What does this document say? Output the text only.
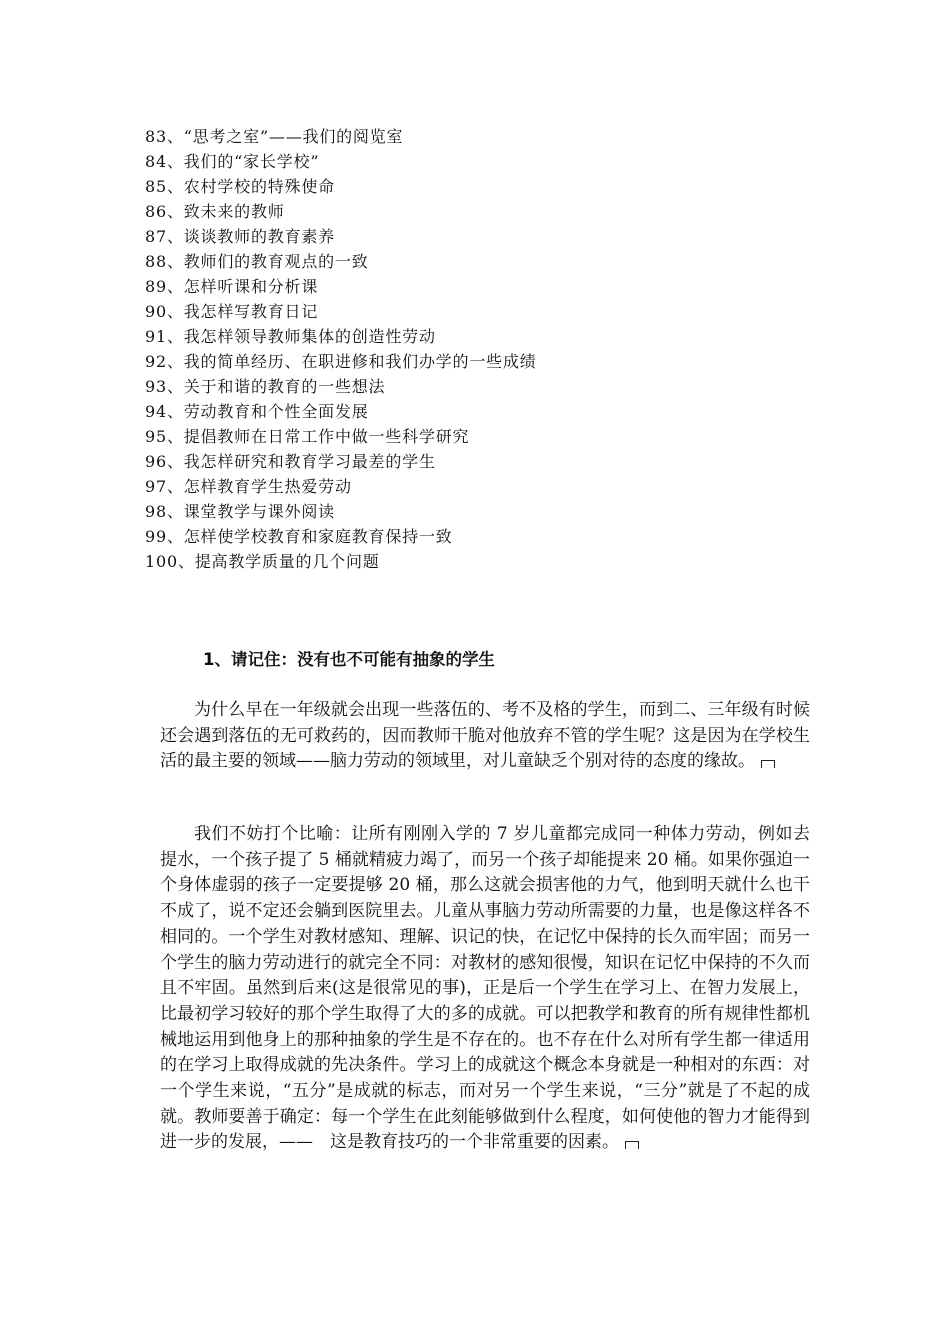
83、“思考之室”——我们的阅览室
84、我们的“家长学校”
85、农村学校的特殊使命
86、致未来的教师
87、谈谈教师的教育素养
88、教师们的教育观点的一致
89、怎样听课和分析课
90、我怎样写教育日记
91、我怎样领导教师集体的创造性劳动
92、我的简单经历、在职进修和我们办学的一些成绩
93、关于和谐的教育的一些想法
94、劳动教育和个性全面发展
95、提倡教师在日常工作中做一些科学研究
96、我怎样研究和教育学习最差的学生
97、怎样教育学生热爱劳动
98、课堂教学与课外阅读
99、怎样使学校教育和家庭教育保持一致
100、提高教学质量的几个问题
1、请记住：没有也不可能有抽象的学生

为什么早在一年级就会出现一些落伍的、考不及格的学生，而到二、三年级有时候还会遇到落伍的无可救药的，因而教师干脆对他放弃不管的学生呢？这是因为在学校生活的最主要的领域——脑力劳动的领域里，对儿童缺乏个别对待的态度的缘故。

我们不妨打个比喻：让所有刚刚入学的 7 岁儿童都完成同一种体力劳动，例如去提水，一个孩子提了 5 桶就精疲力竭了，而另一个孩子却能提来 20 桶。如果你强迫一个身体虚弱的孩子一定要提够 20 桶，那么这就会损害他的力气，他到明天就什么也干不成了，说不定还会躺到医院里去。儿童从事脑力劳动所需要的力量，也是像这样各不相同的。一个学生对教材感知、理解、识记的快，在记忆中保持的长久而牢固；而另一个学生的脑力劳动进行的就完全不同：对教材的感知很慢，知识在记忆中保持的不久而且不牢固。虽然到后来(这是很常见的事)，正是后一个学生在学习上、在智力发展上，比最初学习较好的那个学生取得了大的多的成就。可以把教学和教育的所有规律性都机械地运用到他身上的那种抽象的学生是不存在的。也不存在什么对所有学生都一律适用的在学习上取得成就的先决条件。学习上的成就这个概念本身就是一种相对的东西：对一个学生来说，“五分”是成就的标志，而对另一个学生来说，“三分”就是了不起的成就。教师要善于确定：每一个学生在此刻能够做到什么程度，如何使他的智力才能得到进一步的发展，——　这是教育技巧的一个非常重要的因素。
